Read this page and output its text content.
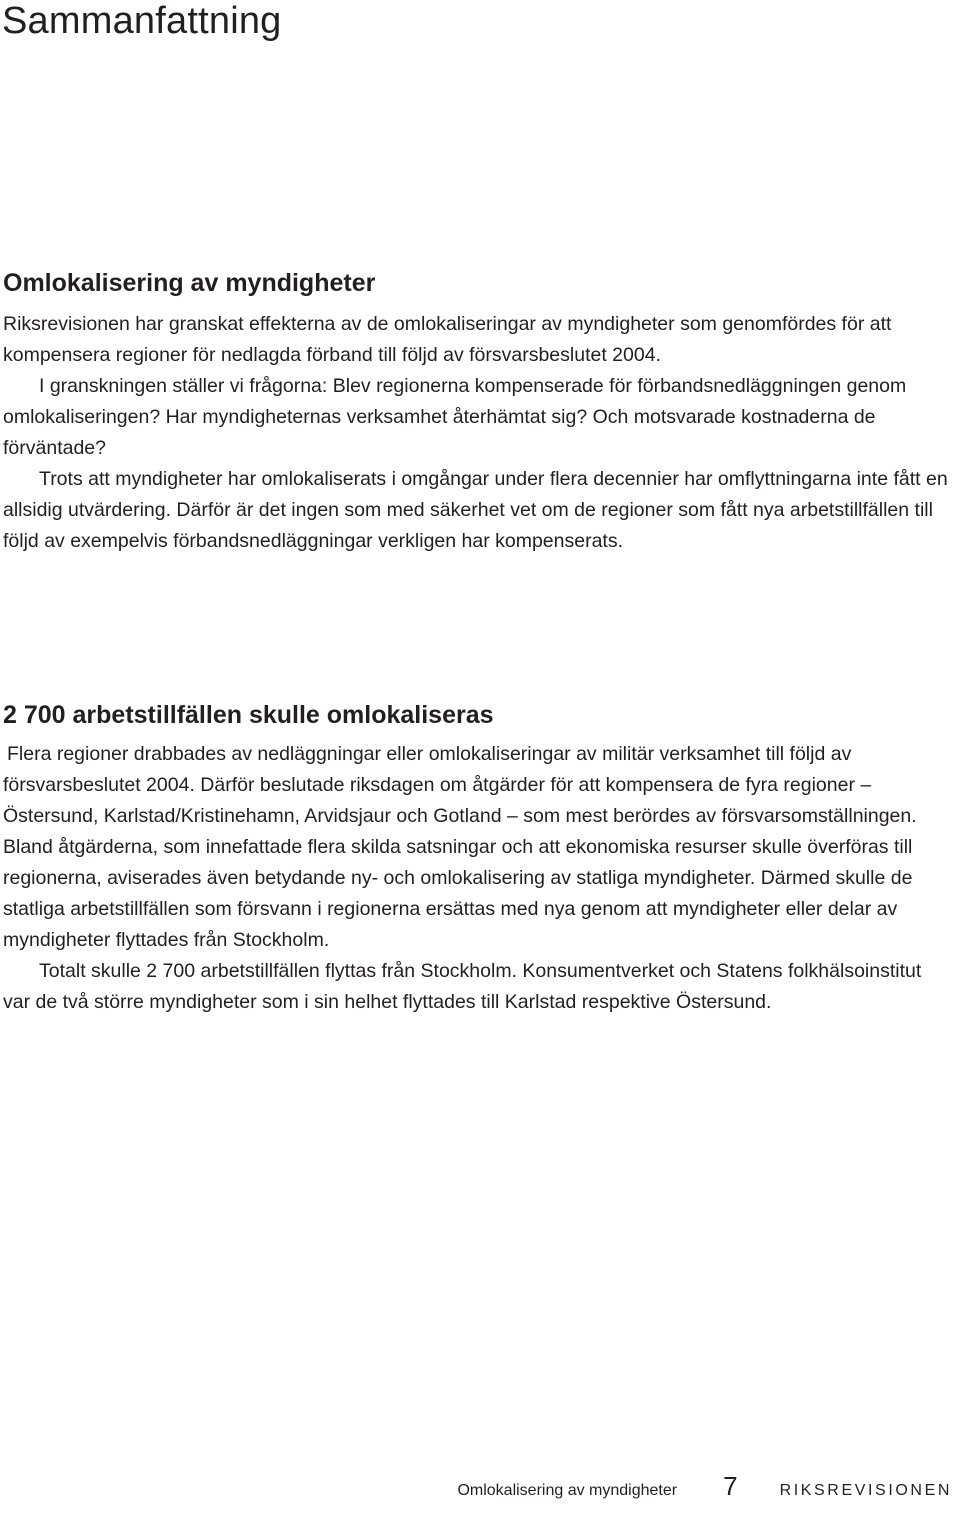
Sammanfattning
Omlokalisering av myndigheter

Riksrevisionen har granskat effekterna av de omlokaliseringar av myndigheter som genomfördes för att kompensera regioner för nedlagda förband till följd av försvarsbeslutet 2004.

I granskningen ställer vi frågorna: Blev regionerna kompenserade för förbandsnedläggningen genom omlokaliseringen? Har myndigheternas verksamhet återhämtat sig? Och motsvarade kostnaderna de förväntade?

Trots att myndigheter har omlokaliserats i omgångar under flera decennier har omflyttningarna inte fått en allsidig utvärdering. Därför är det ingen som med säkerhet vet om de regioner som fått nya arbetstillfällen till följd av exempelvis förbandsnedläggningar verkligen har kompenserats.

2 700 arbetstillfällen skulle omlokaliseras

Flera regioner drabbades av nedläggningar eller omlokaliseringar av militär verksamhet till följd av försvarsbeslutet 2004. Därför beslutade riksdagen om åtgärder för att kompensera de fyra regioner – Östersund, Karlstad/Kristinehamn, Arvidsjaur och Gotland – som mest berördes av försvarsomställningen. Bland åtgärderna, som innefattade flera skilda satsningar och att ekonomiska resurser skulle överföras till regionerna, aviserades även betydande ny- och omlokalisering av statliga myndigheter. Därmed skulle de statliga arbetstillfällen som försvann i regionerna ersättas med nya genom att myndigheter eller delar av myndigheter flyttades från Stockholm.

Totalt skulle 2 700 arbetstillfällen flyttas från Stockholm. Konsumentverket och Statens folkhälsoinstitut var de två större myndigheter som i sin helhet flyttades till Karlstad respektive Östersund.

Omlokalisering av myndigheter 7	RIKSREVISIONEN
